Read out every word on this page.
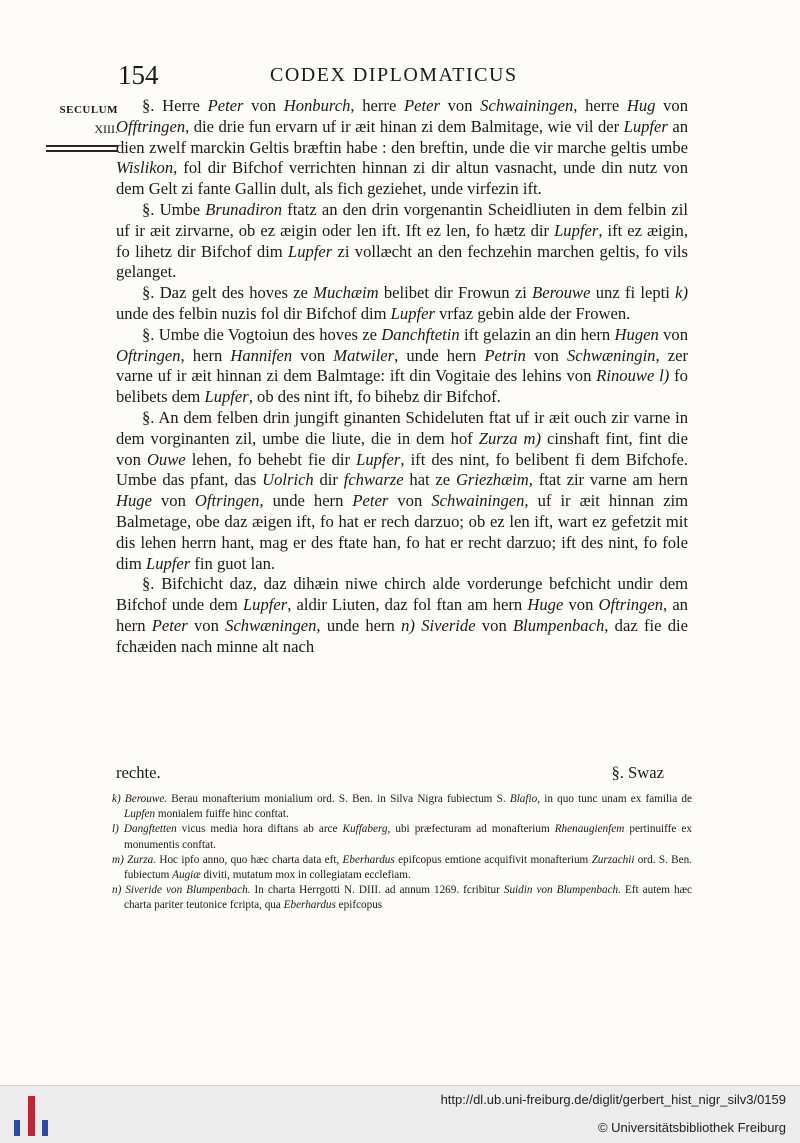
154	CODEX DIPLOMATICUS
SECULUM
XIII.

§. Herre Peter von Honburch, herre Peter von Schwainingen, herre Hug von Offtringen, die drie fun ervarn uf ir æit hinan zi dem Balmitage, wie vil der Lupfer an dien zwelf marckin Geltis bræftin habe : den breftin, unde die vir marche geltis umbe Wislikon, fol dir Bifchof verrichten hinnan zi dir altun vasnacht, unde din nutz von dem Gelt zi fante Gallin dult, als fich geziehet, unde virfezin ift.

§. Umbe Brunadiron ftatz an den drin vorgenantin Scheidliuten in dem felbin zil uf ir æit zirvarne, ob ez æigin oder len ift. Ift ez len, fo hætz dir Lupfer, ift ez æigin, fo lihetz dir Bifchof dim Lupfer zi vollæcht an den fechzehin marchen geltis, fo vils gelanget.

§. Daz gelt des hoves ze Muchæim belibet dir Frowun zi Berouwe unz fi lepti k) unde des felbin nuzis fol dir Bifchof dim Lupfer vrfaz gebin alde der Frowen.

§. Umbe die Vogtoiun des hoves ze Danchftetin ift gelazin an din hern Hugen von Oftringen, hern Hannifen von Matwiler, unde hern Petrin von Schwæningin, zer varne uf ir æit hinnan zi dem Balmtage: ift din Vogitaie des lehins von Rinouwe l) fo belibets dem Lupfer, ob des nint ift, fo bihebz dir Bifchof.

§. An dem felben drin jungift ginanten Schideluten ftat uf ir æit ouch zir varne in dem vorginanten zil, umbe die liute, die in dem hof Zurza m) cinshaft fint, fint die von Ouwe lehen, fo behebt fie dir Lupfer, ift des nint, fo belibent fi dem Bifchofe. Umbe das pfant, das Uolrich dir fchwarze hat ze Griezhæim, ftat zir varne am hern Huge von Oftringen, unde hern Peter von Schwainingen, uf ir æit hinnan zim Balmetage, obe daz æigen ift, fo hat er rech darzuo; ob ez len ift, wart ez gefetzit mit dis lehen herrn hant, mag er des ftate han, fo hat er recht darzuo; ift des nint, fo fole dim Lupfer fin guot lan.

§. Bifchicht daz, daz dihæin niwe chirch alde vorderunge befchicht undir dem Bifchof unde dem Lupfer, aldir Liuten, daz fol ftan am hern Huge von Oftringen, an hern Peter von Schwæningen, unde hern n) Siveride von Blumpenbach, daz fie die fchæiden nach minne alt nach

rechte.	§. Swaz

k) Berouwe. Berau monafterium monialium ord. S. Ben. in Silva Nigra fubiectum S. Blafio, in quo tunc unam ex familia de Lupfen monialem fuiffe hinc conftat.

l) Dangftetten vicus media hora diftans ab arce Kuffaberg, ubi præfecturam ad monafterium Rhenaugienfem pertinuiffe ex monumentis conftat.

m) Zurza. Hoc ipfo anno, quo hæc charta data eft, Eberhardus epifcopus emtione acquifivit monafterium Zurzachii ord. S. Ben. fubiectum Augiæ diviti, mutatum mox in collegiatam ecclefiam.

n) Siveride von Blumpenbach. In charta Herrgotti N. DIII. ad annum 1269. fcribitur Suidin von Blumpenbach. Eft autem hæc charta pariter teutonice fcripta, qua Eberhardus epifcopus

http://dl.ub.uni-freiburg.de/diglit/gerbert_hist_nigr_silv3/0159
© Universitätsbibliothek Freiburg
